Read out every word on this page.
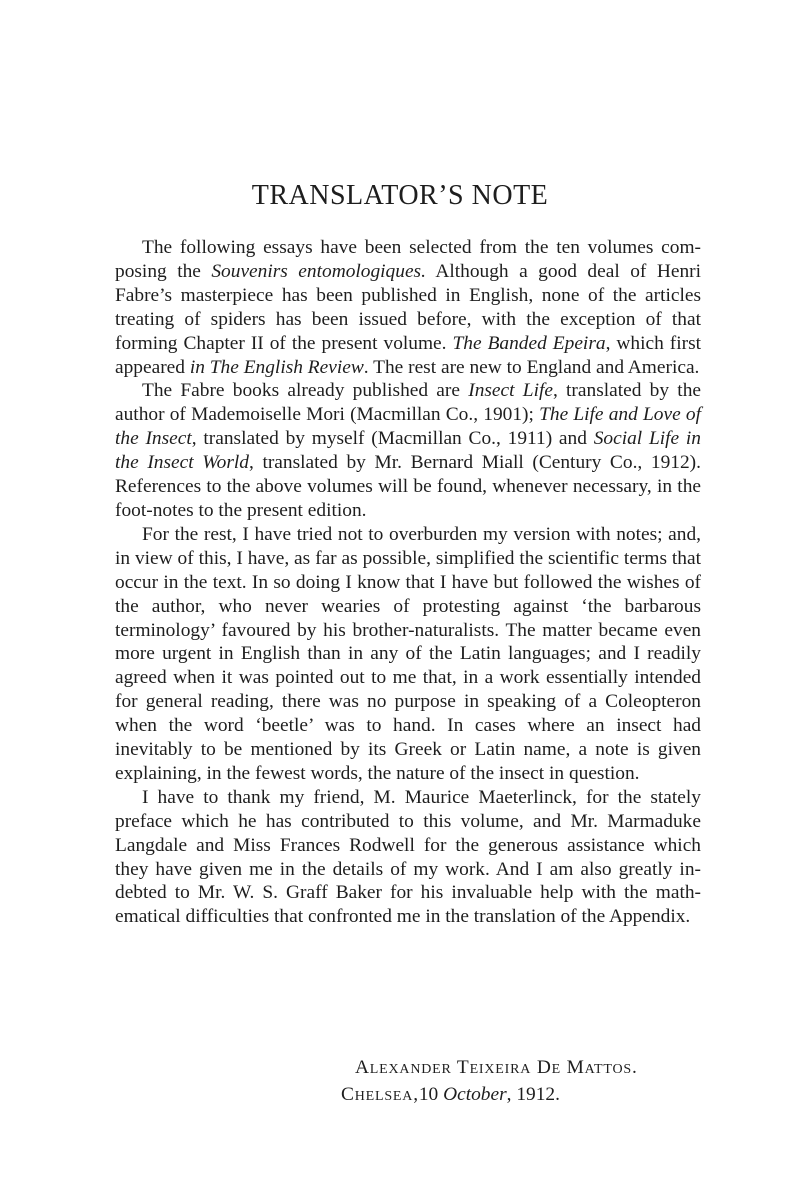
TRANSLATOR’S NOTE

The following essays have been selected from the ten volumes composing the Souvenirs entomologiques. Although a good deal of Henri Fabre’s masterpiece has been published in English, none of the articles treating of spiders has been issued before, with the exception of that forming Chapter II of the present volume. The Banded Epeira, which first appeared in The English Review. The rest are new to England and America.

The Fabre books already published are Insect Life, translated by the author of Mademoiselle Mori (Macmillan Co., 1901); The Life and Love of the Insect, translated by myself (Macmillan Co., 1911) and Social Life in the Insect World, translated by Mr. Bernard Miall (Century Co., 1912). References to the above volumes will be found, whenever necessary, in the foot-notes to the present edition.

For the rest, I have tried not to overburden my version with notes; and, in view of this, I have, as far as possible, simplified the scientific terms that occur in the text. In so doing I know that I have but followed the wishes of the author, who never wearies of protesting against ‘the barbarous terminology’ favoured by his brother-naturalists. The matter became even more urgent in English than in any of the Latin languages; and I readily agreed when it was pointed out to me that, in a work essentially intended for general reading, there was no purpose in speaking of a Coleopteron when the word ‘beetle’ was to hand. In cases where an insect had inevitably to be mentioned by its Greek or Latin name, a note is given explaining, in the fewest words, the nature of the insect in question.

I have to thank my friend, M. Maurice Maeterlinck, for the stately preface which he has contributed to this volume, and Mr. Marmaduke Langdale and Miss Frances Rodwell for the generous assistance which they have given me in the details of my work. And I am also greatly indebted to Mr. W. S. Graff Baker for his invaluable help with the mathematical difficulties that confronted me in the translation of the Appendix.

Alexander Teixeira De Mattos.
Chelsea,10 October, 1912.
